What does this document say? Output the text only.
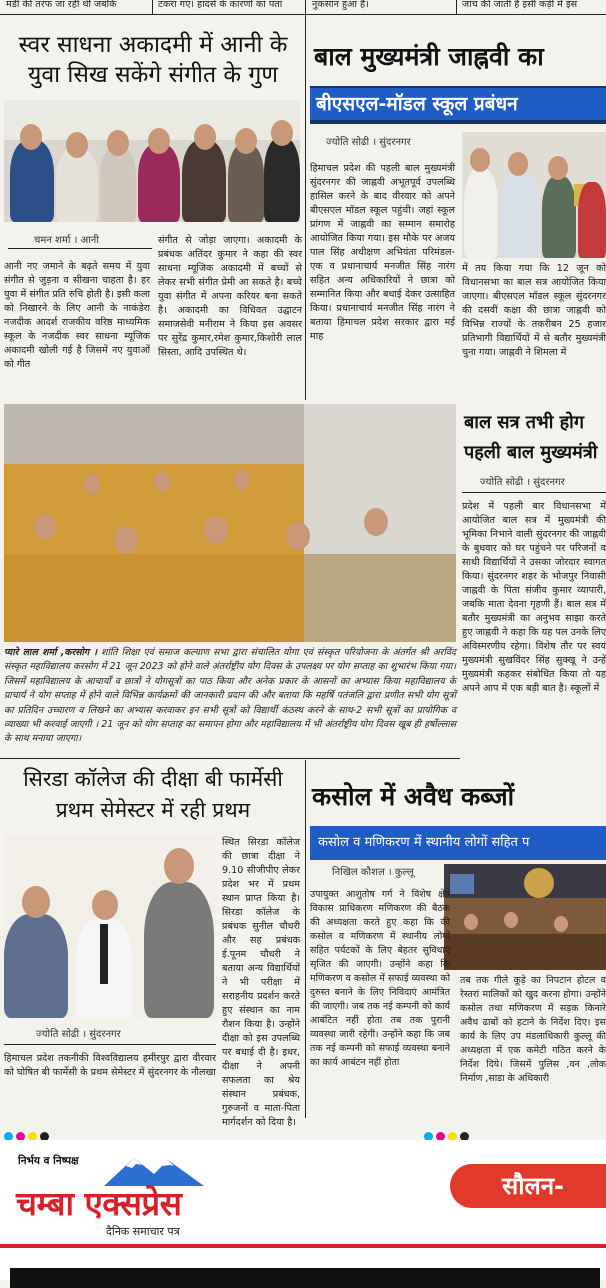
मंडी की तरफ जा रही थी जबकि	टकरा गए। हादसे के कारणों का पता	नुकसान हुआ है।	जांच की जाती है इसी कड़ी में इस
स्वर साधना अकादमी में आनी के युवा सिख सकेंगे संगीत के गुण
चमन शर्मा । आनी
आनी नए जमाने के बढ़ते समय में युवा संगीत से जुड़ना व सीखना चाहता है। हर युवा में संगीत प्रति रुचि होती है। इसी कला को निखारने के लिए आनी के नाकंडेरा नजदीक आदर्श राजकीय वरिष्ठ माध्यमिक स्कूल के नजदीक स्वर साधना म्यूजिक अकादमी खोली गई है जिसमें नए युवाओं को गीत
संगीत से जोड़ा जाएगा। अकादमी के प्रबंधक अतिंदर कुमार ने कहा की स्वर साधना म्यूजिक अकादमी में बच्चों से लेकर सभी संगीत प्रेमी आ सकते है। बच्चे युवा संगीत में अपना करियर बना सकते है। अकादमी का विधिवत उद्घाटन समाजसेवी मनीराम ने किया इस अवसर पर सुरेंद्र कुमार,रमेश कुमार,किशोरी लाल सिस्ता, आदि उपस्थित थे।
बाल मुख्यमंत्री जाह्नवी का
बीएसएल-मॉडल स्कूल प्रबंधन
ज्योति सोढी । सुंदरनगर
हिमाचल प्रदेश की पहली बाल मुख्यमंत्री सुंदरनगर की जाह्नवी अभूतपूर्व उपलब्धि हासिल करने के बाद वीरवार को अपने बीएसएल मॉडल स्कूल पहुंची। जहां स्कूल प्रांगण में जाह्नवी का सम्मान समारोह आयोजित किया गया। इस मौके पर अजय पाल सिंह अधीक्षण अभियंता परिमंडल-एक व प्रधानाचार्य मनजीत सिंह नारंग सहित अन्य अधिकारियों ने छात्रा को सम्मानित किया और बधाई देकर उत्साहित किया। प्रधानाचार्य मनजीत सिंह नारंग ने बताया हिमाचल प्रदेश सरकार द्वारा मई माह
में तय किया गया कि 12 जून को विधानसभा का बाल सत्र आयोजित किया जाएगा। बीएसएल मॉडल स्कूल सुंदरनगर की दसवीं कक्षा की छात्रा जाह्नवी को विभिन्न राज्यों के तकरीबन 25 हजार प्रतिभागी विद्यार्थियों में से बतौर मुख्यमंत्री चुना गया। जाह्नवी ने शिमला में
प्यारे लाल शर्मा ,करसोग । शांति शिक्षा एवं समाज कल्याण सभा द्वारा संचालित योगा एवं संस्कृत परियोजना के अंतर्गत श्री अरविंद संस्कृत महाविद्यालय करसोग में 21 जून 2023 को होने वाले अंतर्राष्ट्रीय योग दिवस के उपलक्ष्य पर योग सप्ताह का शुभारंभ किया गया। जिसमें महाविद्यालय के आचार्यों व छात्रों ने योगसूत्रों का पाठ किया और अनेक प्रकार के आसनों का अभ्यास किया महाविद्यालय के प्राचार्य ने योग सप्ताह में होने वाले विभिन्न कार्यक्रमों की जानकारी प्रदान की और बताया कि महर्षि पतंजलि द्वारा प्रणीत सभी योग सूत्रों का प्रतिदिन उच्चारण व लिखने का अभ्यास करवाकर इन सभी सूत्रों को विद्यार्थी कंठस्थ करने के साथ-2 सभी सूत्रों का प्रायोगिक व व्याख्या भी करवाई जाएगी । 21 जून को योग सप्ताह का समापन होगा और महाविद्यालय में भी अंतर्राष्ट्रीय योग दिवस खूब ही हर्षोल्लास के साथ मनाया जाएगा।
बाल सत्र तभी होग पहली बाल मुख्यमंत्री
ज्योति सोढी । सुंदरनगर
प्रदेश में पहली बार विधानसभा में आयोजित बाल सत्र में मुख्यमंत्री की भूमिका निभाने वाली सुंदरनगर की जाह्नवी के बुधवार को घर पहुंचने पर परिजनों व साथी विद्यार्थियों ने उसका जोरदार स्वागत किया। सुंदरनगर शहर के भोजपुर निवासी जाह्नवी के पिता संजीव कुमार व्यापारी, जबकि माता देवना गृहणी हैं। बाल सत्र में बतौर मुख्यमंत्री का अनुभव साझा करते हुए जाह्नवी ने कहा कि यह पल उनके लिए अविस्मरणीय रहेगा। विशेष तौर पर स्वयं मुख्यमंत्री सुखविंदर सिंह सुक्खू ने उन्हें मुख्यमंत्री कहकर संबोधित किया तो यह अपने आप में एक बड़ी बात है। स्कूलों में
सिरडा कॉलेज की दीक्षा बी फार्मेसी प्रथम सेमेस्टर में रही प्रथम
स्थित सिरडा कॉलेज की छात्रा दीक्षा ने 9.10 सीजीपीए लेकर प्रदेश भर में प्रथम स्थान प्राप्त किया है। सिरडा कॉलेज के प्रबंधक सुनील चौधरी और सह प्रबंधक ई.पूनम चौधरी ने बताया अन्य विद्यार्थियों ने भी परीक्षा में सराहनीय प्रदर्शन करते हुए संस्थान का नाम रौशन किया है। उन्होंने दीक्षा को इस उपलब्धि पर बधाई दी है। इधर, दीक्षा ने अपनी सफलता का श्रेय संस्थान प्रबंधक, गुरुजनों व माता-पिता मार्गदर्शन को दिया है।
ज्योति सोढी । सुंदरनगर
हिमाचल प्रदेश तकनीकी विश्वविद्यालय हमीरपुर द्वारा वीरवार को घोषित बी फार्मेसी के प्रथम सेमेस्टर में सुंदरनगर के नौलखा
कसोल में अवैध कब्जों
कसोल व मणिकरण में स्थानीय लोगों सहित प
निखिल कौशल । कुल्लू
उपायुक्त आशुतोष गर्ग ने विशेष क्षेत्र विकास प्राधिकरण मणिकरण की बैठक की अध्यक्षता करते हुए कहा कि की कसोल व मणिकरण में स्थानीय लोगों सहित पर्यटकों के लिए बेहतर सुविधाएं सृजित की जाएगी। उन्होंने कहा कि मणिकरण व कसोल में सफाई व्यवस्था को दुरुस्त बनाने के लिए निविदाएं आमंत्रित की जाएगी। जब तक नई कम्पनी को कार्य आबंटित नहीं होता तब तक पुरानी व्यवस्था जारी रहेगी। उन्होंने कहा कि जब तक नई कम्पनी को सफाई व्यवस्था बनाने का कार्य आबंटन नहीं होता
तब तक गीले कूड़े का निपटान होटल व रेस्तरां मालिकों को खुद करना होगा। उन्होंने कसोल तथा मणिकरण में सड़क किनारे अवैध ढाबों को हटाने के निर्देश दिए। इस कार्य के लिए उप मंडलाधिकारी कुल्लू की अध्यक्षता में एक कमेटी गठित करने के निर्देश दिये। जिसमें पुलिस ,वन ,लोक निर्माण ,साडा के अधिकारी
निर्भय व निष्पक्ष
चम्बा एक्सप्रेस
दैनिक समाचार पत्र
सौलन-
